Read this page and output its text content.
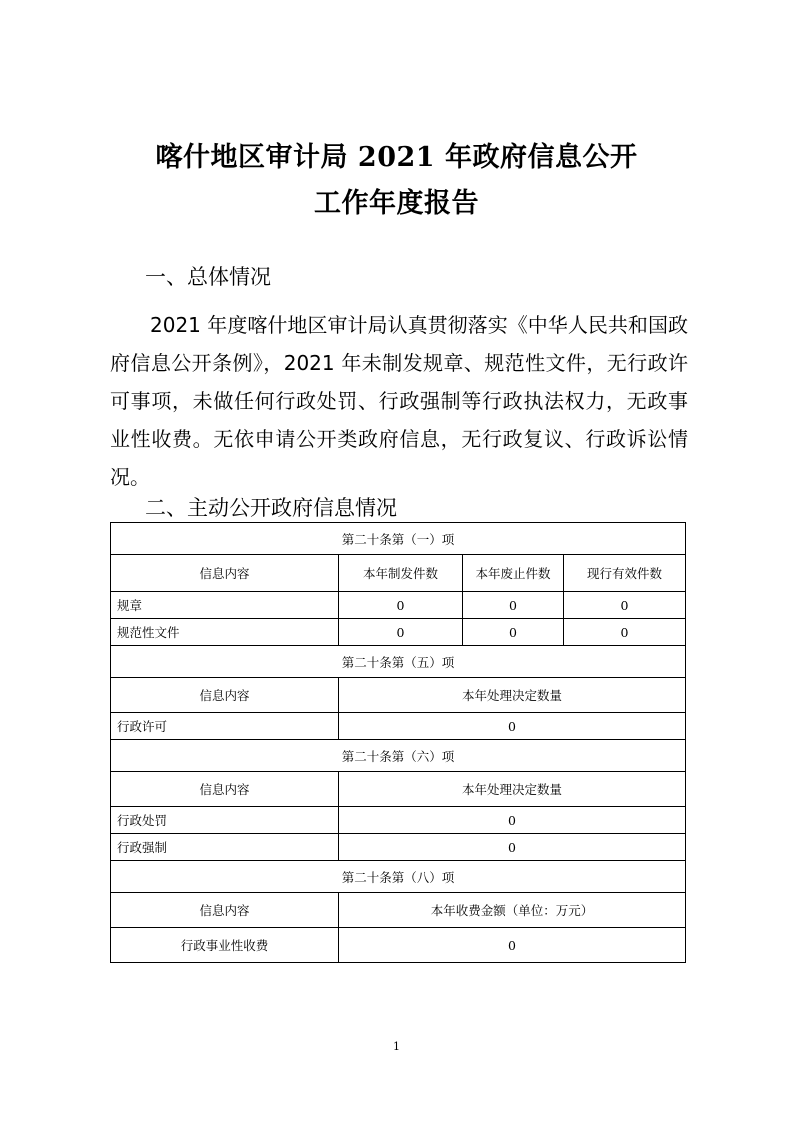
喀什地区审计局 2021 年政府信息公开
工作年度报告
一、总体情况
2021 年度喀什地区审计局认真贯彻落实《中华人民共和国政府信息公开条例》，2021 年未制发规章、规范性文件，无行政许可事项，未做任何行政处罚、行政强制等行政执法权力，无政事业性收费。无依申请公开类政府信息，无行政复议、行政诉讼情况。
二、主动公开政府信息情况
第二十条第（一）项			
信息内容	本年制发件数	本年废止件数	现行有效件数
规章	0	0	0
规范性文件	0	0	0
第二十条第（五）项			
信息内容	本年处理决定数量		
行政许可	0		
第二十条第（六）项			
信息内容	本年处理决定数量		
行政处罚	0		
行政强制	0		
第二十条第（八）项			
信息内容	本年收费金额（单位：万元）		
行政事业性收费	0		
1
